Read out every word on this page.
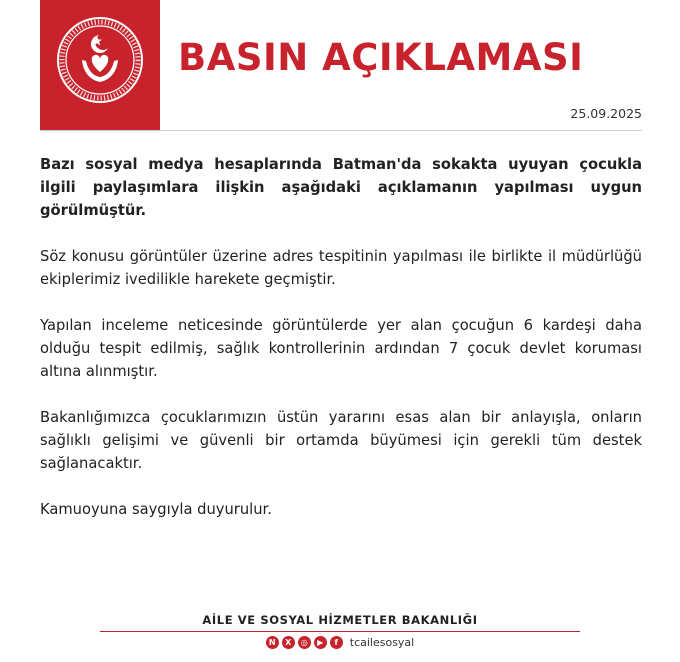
BASIN AÇIKLAMASI
25.09.2025

Bazı sosyal medya hesaplarında Batman'da sokakta uyuyan çocukla ilgili paylaşımlara ilişkin aşağıdaki açıklamanın yapılması uygun görülmüştür.

Söz konusu görüntüler üzerine adres tespitinin yapılması ile birlikte il müdürlüğü ekiplerimiz ivedilikle harekete geçmiştir.

Yapılan inceleme neticesinde görüntülerde yer alan çocuğun 6 kardeşi daha olduğu tespit edilmiş, sağlık kontrollerinin ardından 7 çocuk devlet koruması altına alınmıştır.

Bakanlığımızca çocuklarımızın üstün yararını esas alan bir anlayışla, onların sağlıklı gelişimi ve güvenli bir ortamda büyümesi için gerekli tüm destek sağlanacaktır.

Kamuoyuna saygıyla duyurulur.

AİLE VE SOSYAL HİZMETLER BAKANLIĞI
N	X	◎	▶	f	tcailesosyal
